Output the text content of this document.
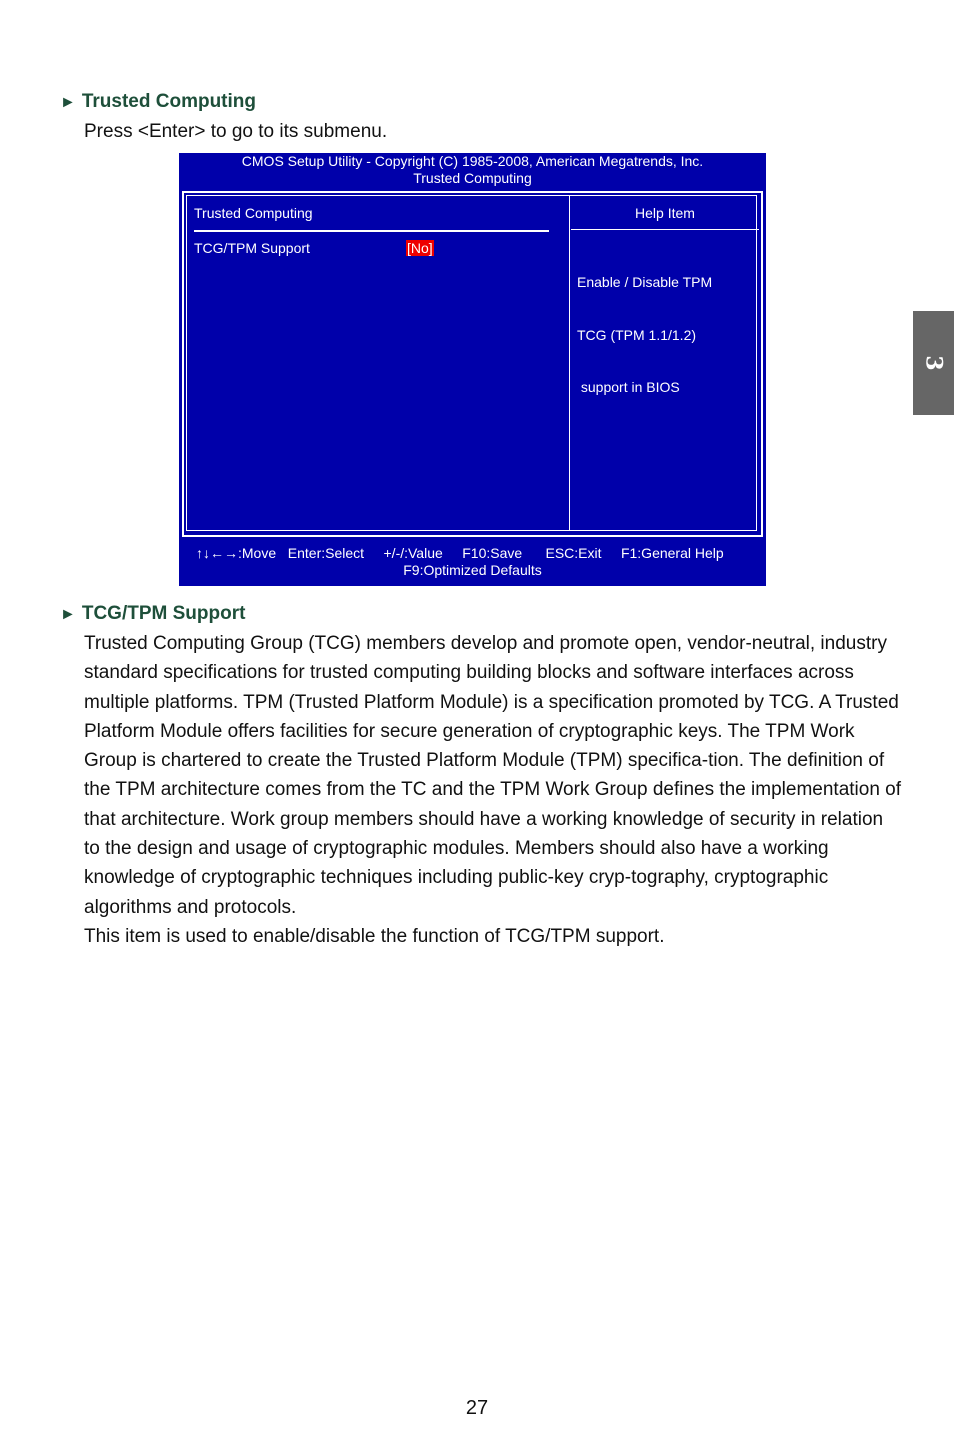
► Trusted Computing

Press <Enter> to go to its submenu.

CMOS Setup Utility - Copyright (C) 1985-2008, American Megatrends, Inc.
Trusted Computing
Trusted Computing	Help Item
TCG/TPM Support	[No]

Enable / Disable TPM

TCG (TPM 1.1/1.2)

support in BIOS

↑↓←→:Move   Enter:Select     +/-/:Value     F10:Save      ESC:Exit     F1:General Help
F9:Optimized Defaults
► TCG/TPM Support

Trusted Computing Group (TCG) members develop and promote open, vendor-neutral, industry standard specifications for trusted computing building blocks and software interfaces across multiple platforms. TPM (Trusted Platform Module) is a specification promoted by TCG. A Trusted Platform Module offers facilities for secure generation of cryptographic keys. The TPM Work Group is chartered to create the Trusted Platform Module (TPM) specifica-tion. The definition of the TPM architecture comes from the TC and the TPM Work Group defines the implementation of that architecture. Work group members should have a working knowledge of security in relation to the design and usage of cryptographic modules. Members should also have a working knowledge of cryptographic techniques including public-key cryp-tography, cryptographic algorithms and protocols.

This item is used to enable/disable the function of TCG/TPM support.

3
27
